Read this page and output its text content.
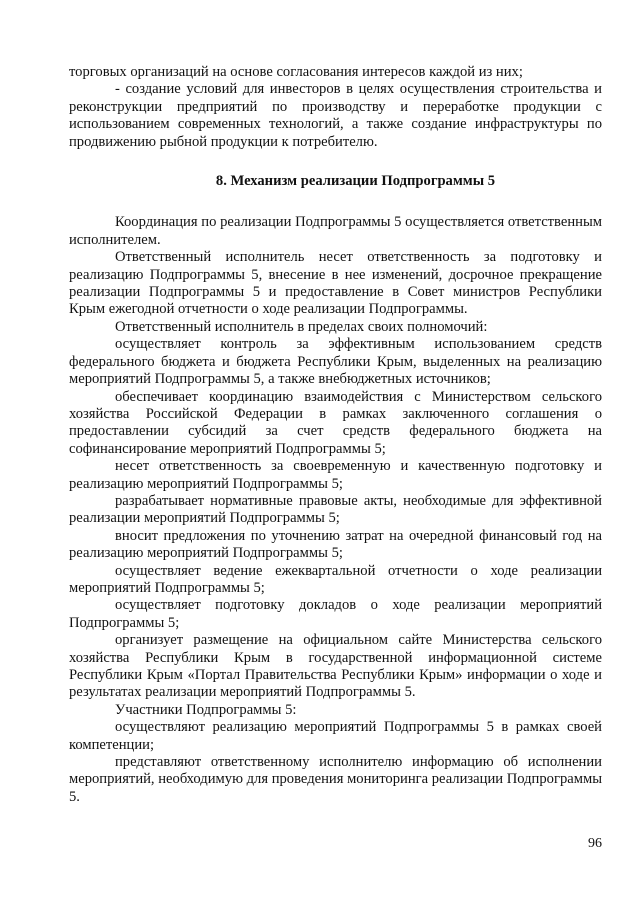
торговых организаций на основе согласования интересов каждой из них;

- создание условий для инвесторов в целях осуществления строительства и реконструкции предприятий по производству и переработке продукции с использованием современных технологий, а также создание инфраструктуры по продвижению рыбной продукции к потребителю.

8. Механизм реализации Подпрограммы 5

Координация по реализации Подпрограммы 5 осуществляется ответственным исполнителем.

Ответственный исполнитель несет ответственность за подготовку и реализацию Подпрограммы 5, внесение в нее изменений, досрочное прекращение реализации Подпрограммы 5 и предоставление в Совет министров Республики Крым ежегодной отчетности о ходе реализации Подпрограммы.

Ответственный исполнитель в пределах своих полномочий:

осуществляет контроль за эффективным использованием средств федерального бюджета и бюджета Республики Крым, выделенных на реализацию мероприятий Подпрограммы 5, а также внебюджетных источников;

обеспечивает координацию взаимодействия с Министерством сельского хозяйства Российской Федерации в рамках заключенного соглашения о предоставлении субсидий за счет средств федерального бюджета на софинансирование мероприятий Подпрограммы 5;

несет ответственность за своевременную и качественную подготовку и реализацию мероприятий Подпрограммы 5;

разрабатывает нормативные правовые акты, необходимые для эффективной реализации мероприятий Подпрограммы 5;

вносит предложения по уточнению затрат на очередной финансовый год на реализацию мероприятий Подпрограммы 5;

осуществляет ведение ежеквартальной отчетности о ходе реализации мероприятий Подпрограммы 5;

осуществляет подготовку докладов о ходе реализации мероприятий Подпрограммы 5;

организует размещение на официальном сайте Министерства сельского хозяйства Республики Крым в государственной информационной системе Республики Крым «Портал Правительства Республики Крым» информации о ходе и результатах реализации мероприятий Подпрограммы 5.

Участники Подпрограммы 5:

осуществляют реализацию мероприятий Подпрограммы 5 в рамках своей компетенции;

представляют ответственному исполнителю информацию об исполнении мероприятий, необходимую для проведения мониторинга реализации Подпрограммы 5.

96
